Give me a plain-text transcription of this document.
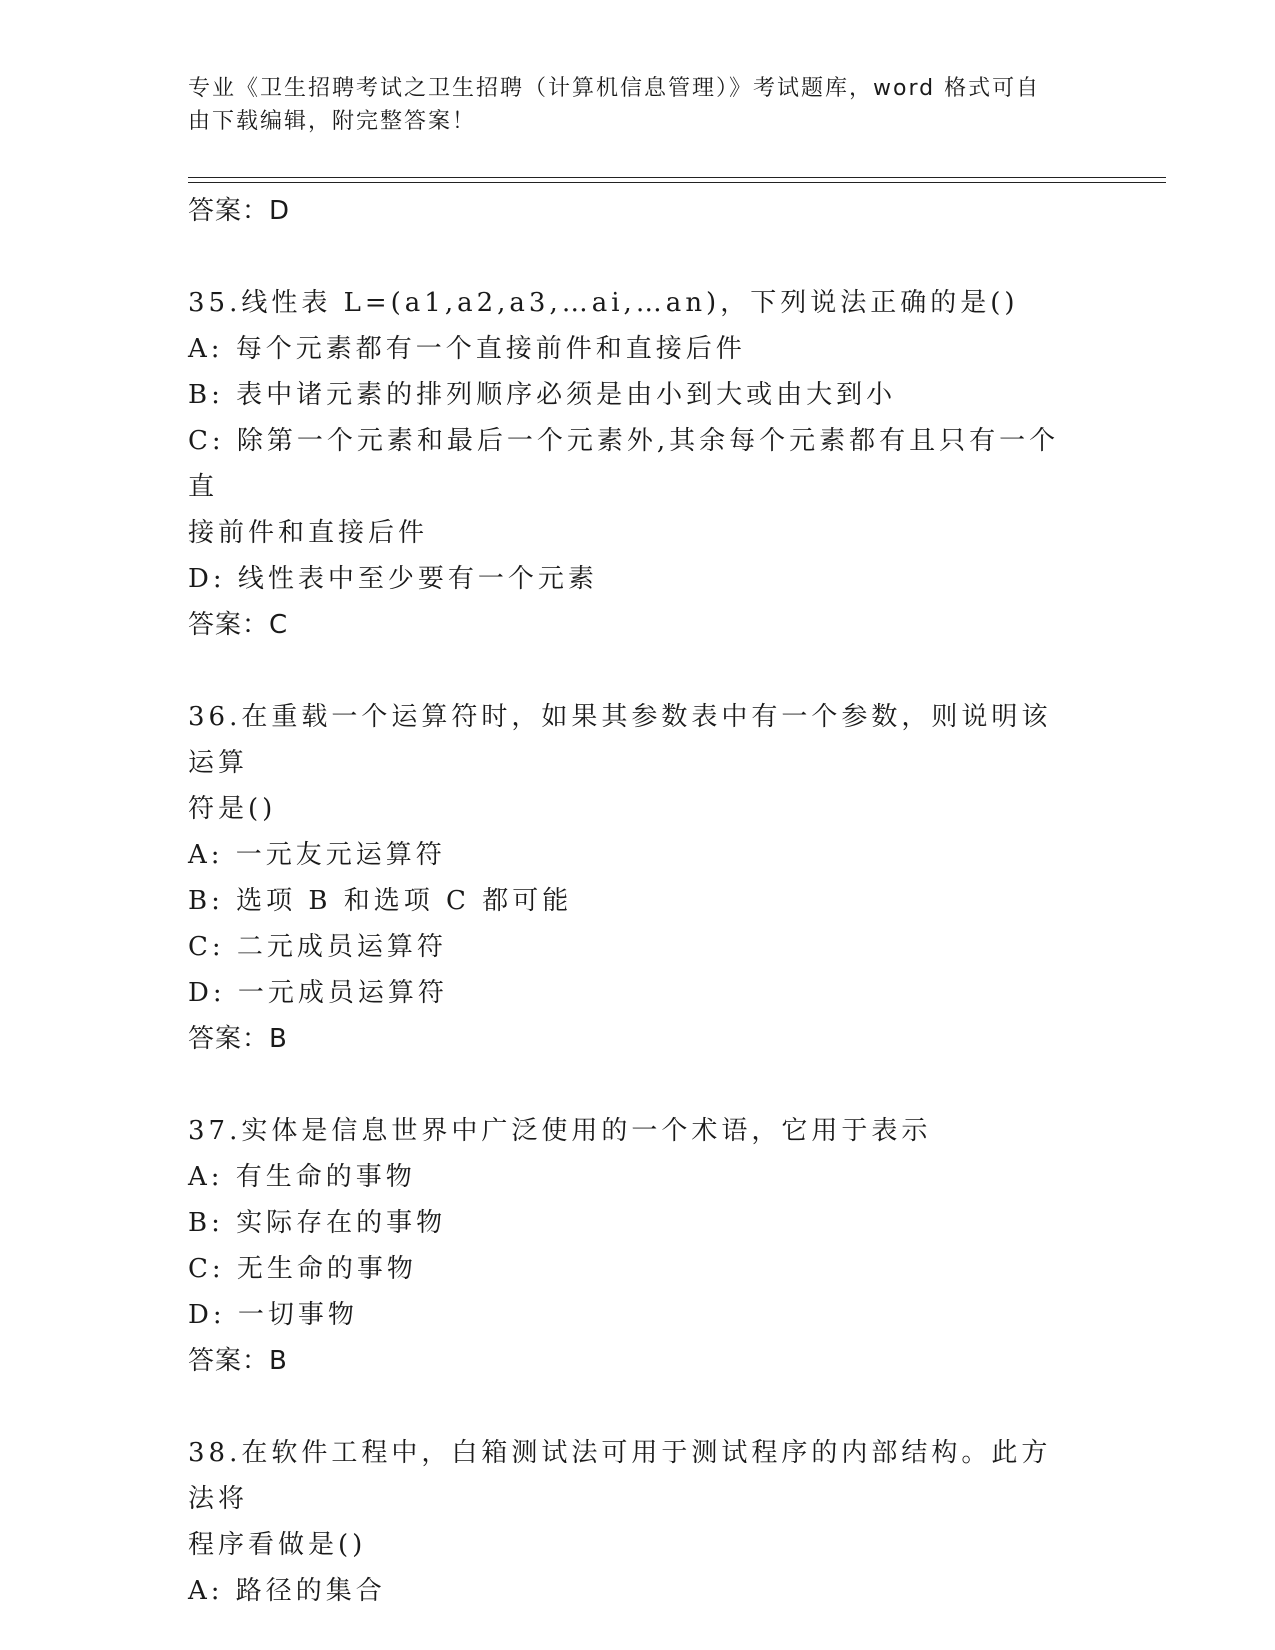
专业《卫生招聘考试之卫生招聘（计算机信息管理）》考试题库，word 格式可自
由下载编辑，附完整答案！
答案：D
35.线性表 L=(a1,a2,a3,…ai,…an)，下列说法正确的是()
A: 每个元素都有一个直接前件和直接后件
B: 表中诸元素的排列顺序必须是由小到大或由大到小
C: 除第一个元素和最后一个元素外,其余每个元素都有且只有一个直
接前件和直接后件
D: 线性表中至少要有一个元素
答案：C
36.在重载一个运算符时，如果其参数表中有一个参数，则说明该运算
符是()
A: 一元友元运算符
B: 选项 B 和选项 C 都可能
C: 二元成员运算符
D: 一元成员运算符
答案：B
37.实体是信息世界中广泛使用的一个术语，它用于表示
A: 有生命的事物
B: 实际存在的事物
C: 无生命的事物
D: 一切事物
答案：B
38.在软件工程中，白箱测试法可用于测试程序的内部结构。此方法将
程序看做是()
A: 路径的集合
